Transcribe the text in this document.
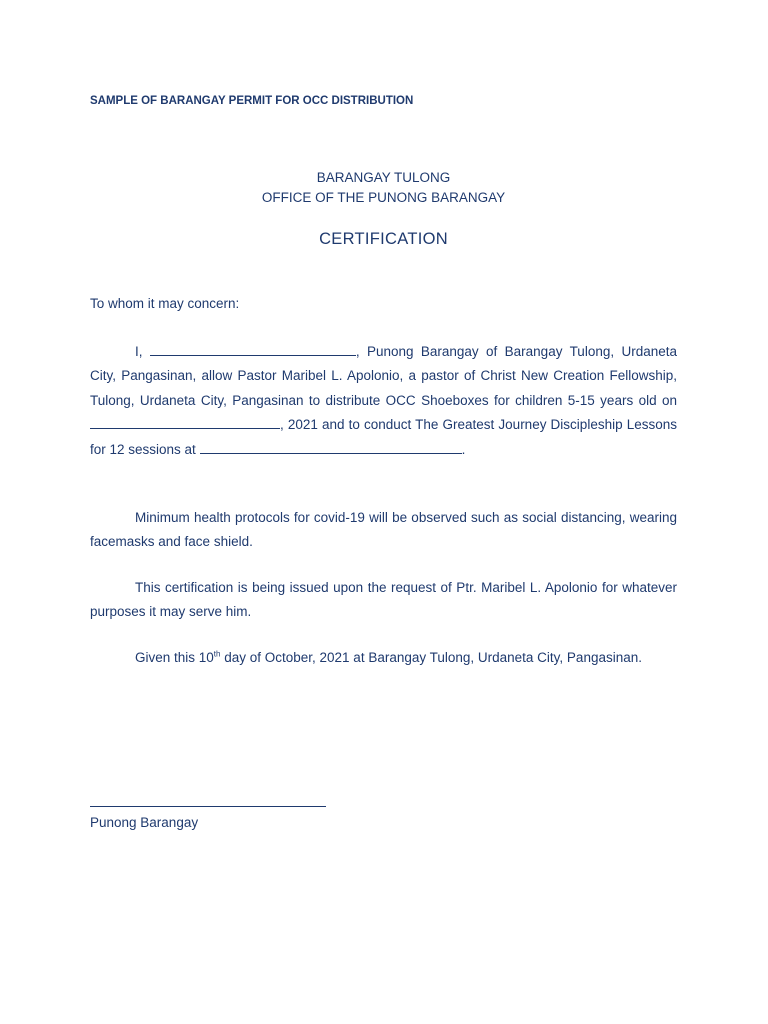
SAMPLE OF BARANGAY PERMIT FOR OCC DISTRIBUTION
BARANGAY TULONG
OFFICE OF THE PUNONG BARANGAY
CERTIFICATION
To whom it may concern:
I,	, Punong Barangay of Barangay Tulong, Urdaneta City, Pangasinan, allow Pastor Maribel L. Apolonio, a pastor of Christ New Creation Fellowship, Tulong, Urdaneta City, Pangasinan to distribute OCC Shoeboxes for children 5-15 years old on , 2021 and to conduct The Greatest Journey Discipleship Lessons for 12 sessions at	.
Minimum health protocols for covid-19 will be observed such as social distancing, wearing facemasks and face shield.
This certification is being issued upon the request of Ptr. Maribel L. Apolonio for whatever purposes it may serve him.
Given this 10th day of October, 2021 at Barangay Tulong, Urdaneta City, Pangasinan.
Punong Barangay
